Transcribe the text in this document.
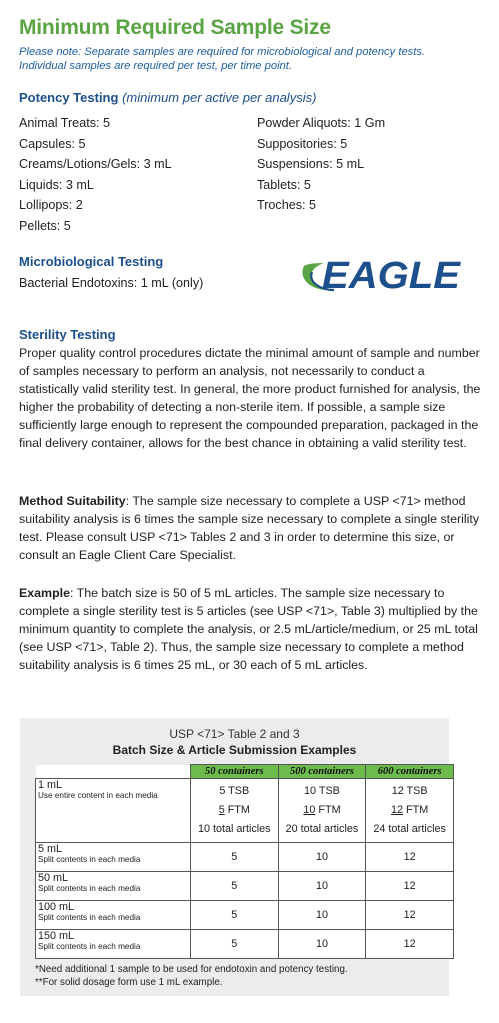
Minimum Required Sample Size
Please note: Separate samples are required for microbiological and potency tests.
Individual samples are required per test, per time point.
Potency Testing (minimum per active per analysis)
Animal Treats: 5
Capsules: 5
Creams/Lotions/Gels: 3 mL
Liquids: 3 mL
Lollipops: 2
Pellets: 5
Powder Aliquots: 1 Gm
Suppositories: 5
Suspensions: 5 mL
Tablets: 5
Troches: 5
Microbiological Testing
Bacterial Endotoxins: 1 mL (only)	EAGLE
Sterility Testing

Proper quality control procedures dictate the minimal amount of sample and number of samples necessary to perform an analysis, not necessarily to conduct a statistically valid sterility test. In general, the more product furnished for analysis, the higher the probability of detecting a non-sterile item. If possible, a sample size sufficiently large enough to represent the compounded preparation, packaged in the final delivery container, allows for the best chance in obtaining a valid sterility test.

Method Suitability: The sample size necessary to complete a USP <71> method suitability analysis is 6 times the sample size necessary to complete a single sterility test. Please consult USP <71> Tables 2 and 3 in order to determine this size, or consult an Eagle Client Care Specialist.

Example: The batch size is 50 of 5 mL articles. The sample size necessary to complete a single sterility test is 5 articles (see USP <71>, Table 3) multiplied by the minimum quantity to complete the analysis, or 2.5 mL/article/medium, or 25 mL total (see USP <71>, Table 2). Thus, the sample size necessary to complete a method suitability analysis is 6 times 25 mL, or 30 each of 5 mL articles.

USP <71> Table 2 and 3
Batch Size & Article Submission Examples
	50 containers	500 containers	600 containers

1 mL
Use entire content in each media	5 TSB
5 FTM
10 total articles	10 TSB
10 FTM
20 total articles	12 TSB
12 FTM
24 total articles

5 mL
Split contents in each media	5	10	12

50 mL
Split contents in each media	5	10	12

100 mL
Split contents in each media	5	10	12

150 mL
Split contents in each media	5	10	12
*Need additional 1 sample to be used for endotoxin and potency testing.
**For solid dosage form use 1 mL example.
